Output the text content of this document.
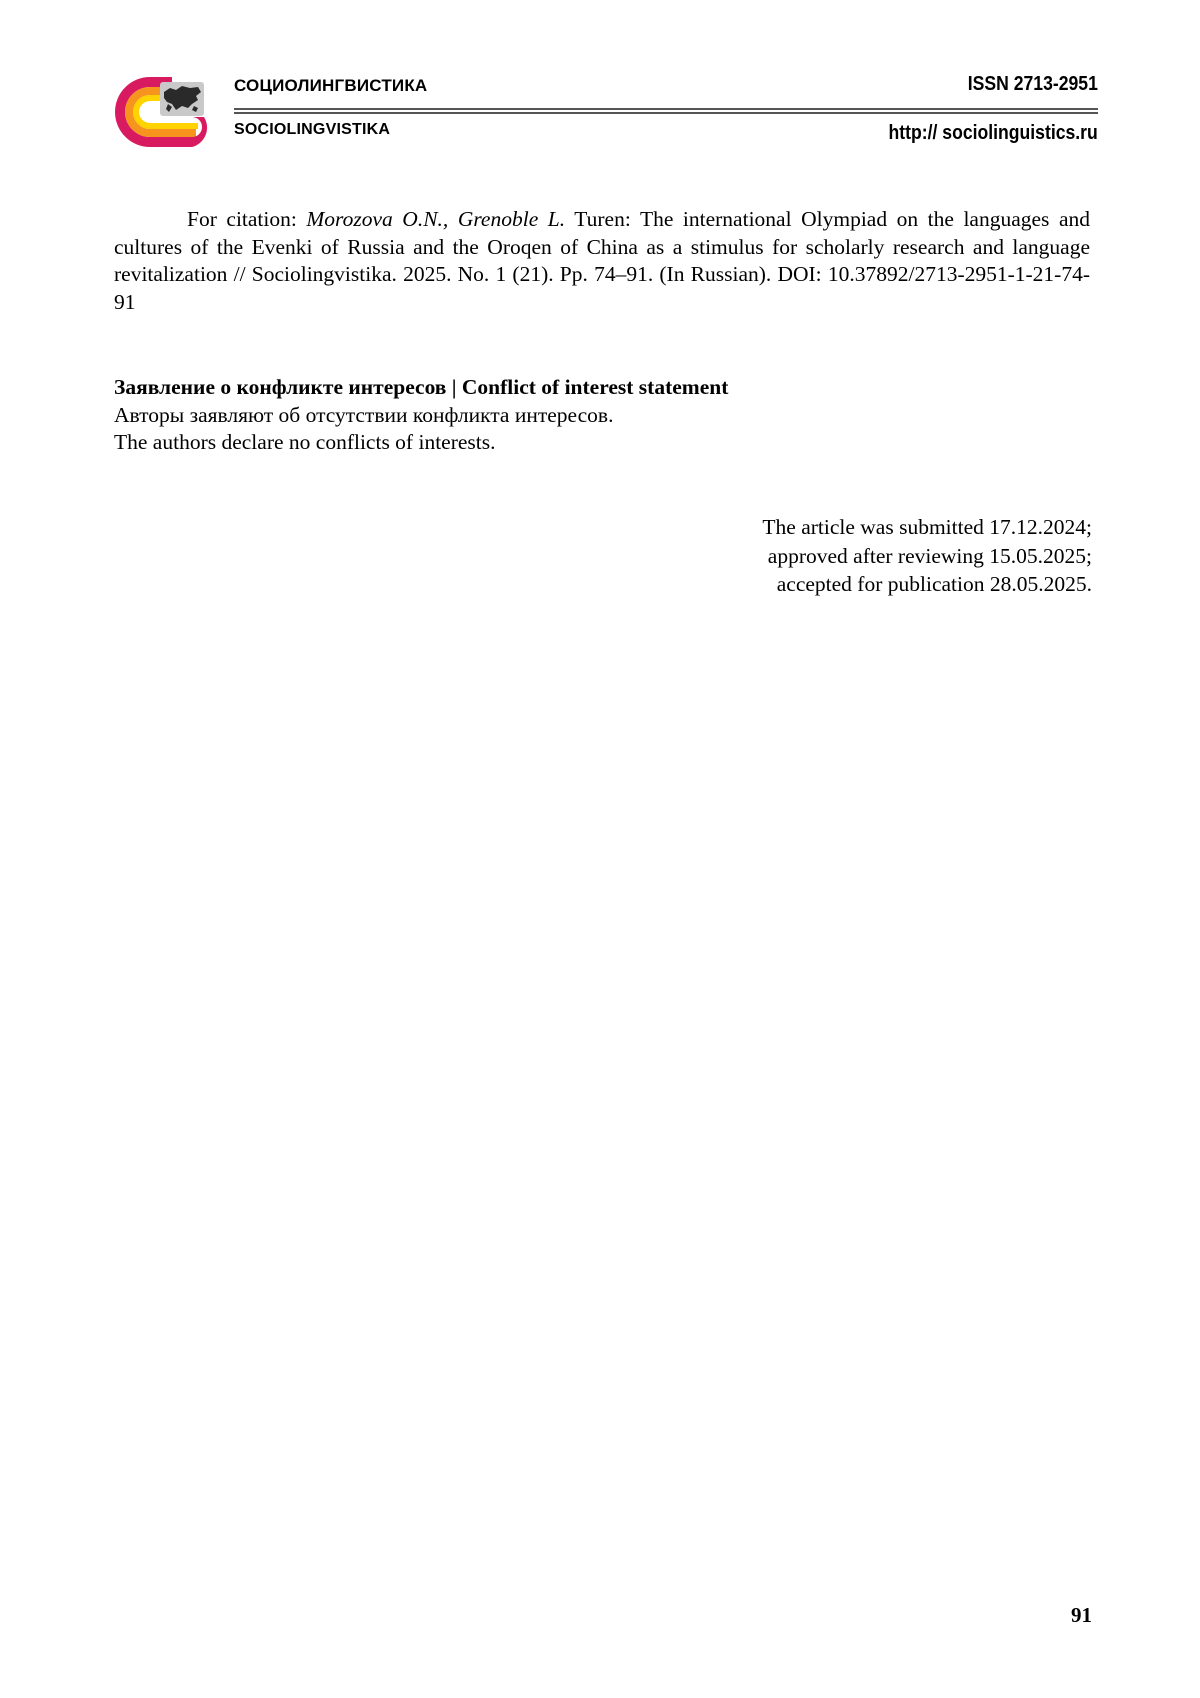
СОЦИОЛИНГВИСТИКА
SOCIOLINGVISTIKA
ISSN 2713-2951
http:// sociolinguistics.ru

For citation: Morozova O.N., Grenoble L. Turen: The international Olympiad on the languages and cultures of the Evenki of Russia and the Oroqen of China as a stimulus for scholarly research and language revitalization // Sociolingvistika. 2025. No. 1 (21). Pp. 74–91. (In Russian). DOI: 10.37892/2713-2951-1-21-74-91

Заявление о конфликте интересов | Conflict of interest statement
Авторы заявляют об отсутствии конфликта интересов.
The authors declare no conflicts of interests.
The article was submitted 17.12.2024;
approved after reviewing 15.05.2025;
accepted for publication 28.05.2025.
91
